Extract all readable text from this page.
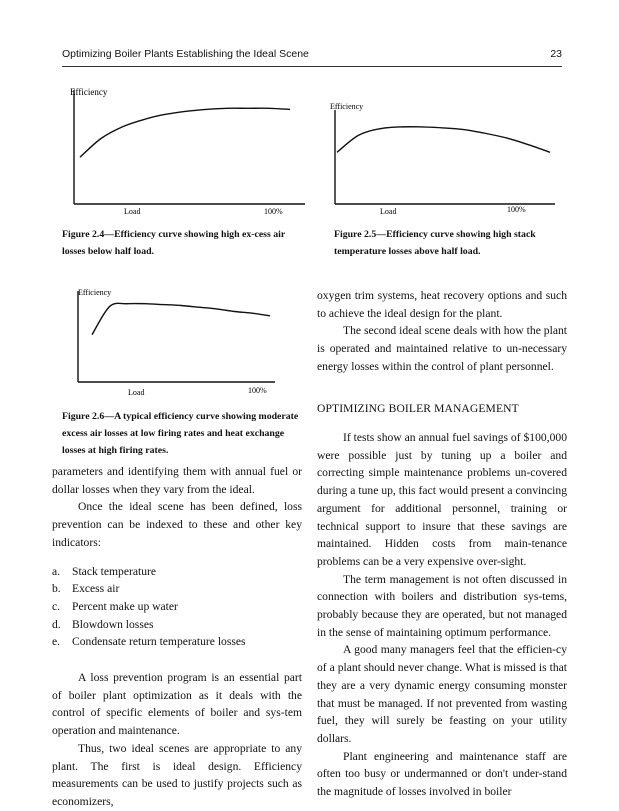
Optimizing Boiler Plants Establishing the Ideal Scene	23
Efficiency
Load	100%
Figure 2.4—Efficiency curve showing high ex-cess air losses below half load.
Efficiency
Load	100%
Figure 2.5—Efficiency curve showing high stack temperature losses above half load.
Efficiency
Load	100%
Figure 2.6—A typical efficiency curve showing moderate excess air losses at low firing rates and heat exchange losses at high firing rates.

parameters and identifying them with annual fuel or dollar losses when they vary from the ideal.

Once the ideal scene has been defined, loss prevention can be indexed to these and other key indicators:

a. Stack temperature
b. Excess air
c. Percent make up water
d. Blowdown losses
e. Condensate return temperature losses

A loss prevention program is an essential part of boiler plant optimization as it deals with the control of specific elements of boiler and sys-tem operation and maintenance.

Thus, two ideal scenes are appropriate to any plant. The first is ideal design. Efficiency measurements can be used to justify projects such as economizers,

oxygen trim systems, heat recovery options and such to achieve the ideal design for the plant.

The second ideal scene deals with how the plant is operated and maintained relative to un-necessary energy losses within the control of plant personnel.

OPTIMIZING BOILER MANAGEMENT

If tests show an annual fuel savings of $100,000 were possible just by tuning up a boiler and correcting simple maintenance problems un-covered during a tune up, this fact would present a convincing argument for additional personnel, training or technical support to insure that these savings are maintained. Hidden costs from main-tenance problems can be a very expensive over-sight.

The term management is not often discussed in connection with boilers and distribution sys-tems, probably because they are operated, but not managed in the sense of maintaining optimum performance.

A good many managers feel that the efficien-cy of a plant should never change. What is missed is that they are a very dynamic energy consuming monster that must be managed. If not prevented from wasting fuel, they will surely be feasting on your utility dollars.

Plant engineering and maintenance staff are often too busy or undermanned or don't under-stand the magnitude of losses involved in boiler
